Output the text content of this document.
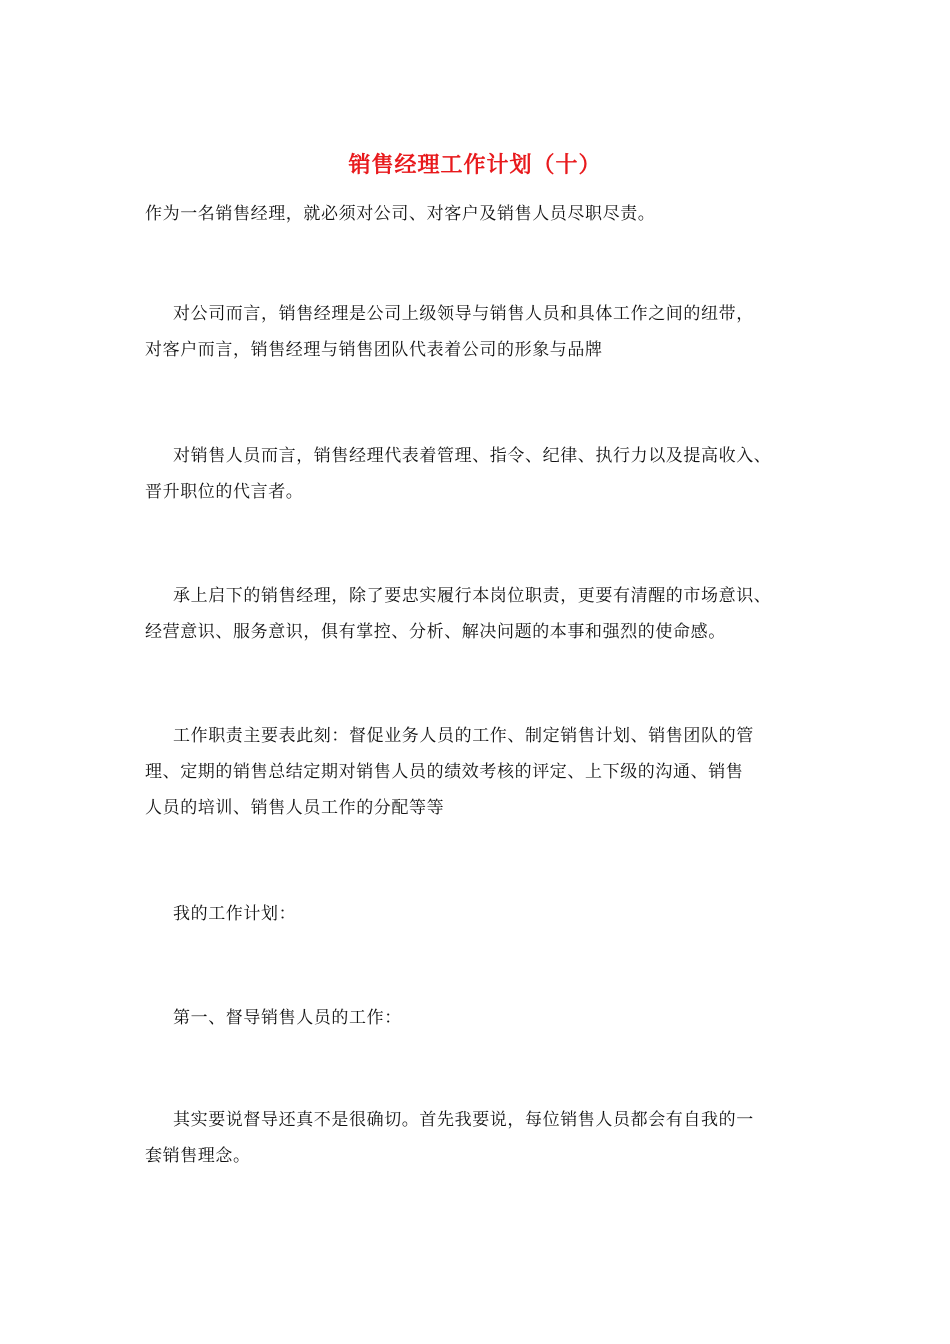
销售经理工作计划（十）
作为一名销售经理，就必须对公司、对客户及销售人员尽职尽责。
对公司而言，销售经理是公司上级领导与销售人员和具体工作之间的纽带，
对客户而言，销售经理与销售团队代表着公司的形象与品牌
对销售人员而言，销售经理代表着管理、指令、纪律、执行力以及提高收入、
晋升职位的代言者。
承上启下的销售经理，除了要忠实履行本岗位职责，更要有清醒的市场意识、
经营意识、服务意识，俱有掌控、分析、解决问题的本事和强烈的使命感。
工作职责主要表此刻：督促业务人员的工作、制定销售计划、销售团队的管
理、定期的销售总结定期对销售人员的绩效考核的评定、上下级的沟通、销售
人员的培训、销售人员工作的分配等等
我的工作计划：
第一、督导销售人员的工作：
其实要说督导还真不是很确切。首先我要说，每位销售人员都会有自我的一
套销售理念。
